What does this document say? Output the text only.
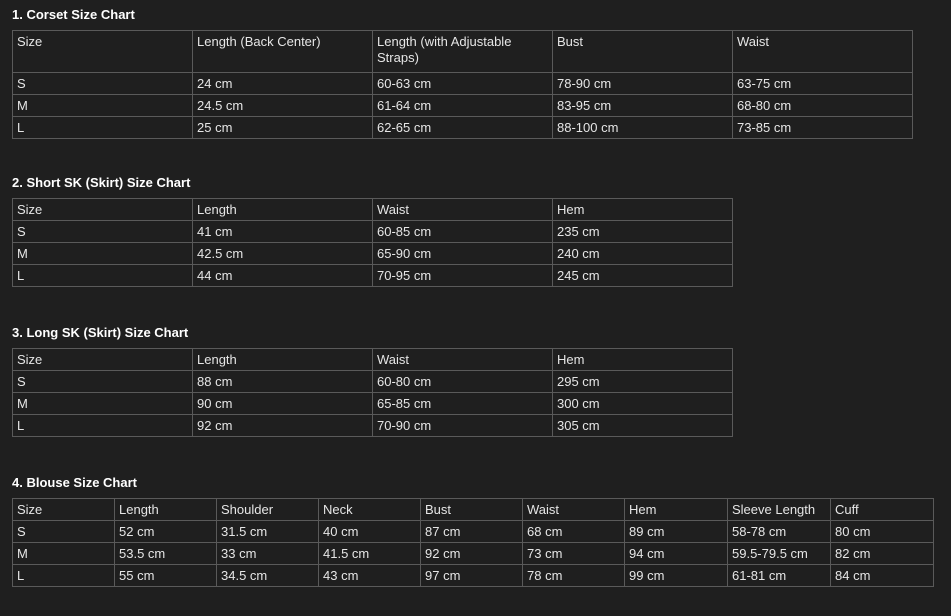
1. Corset Size Chart
Size	Length (Back Center)	Length (with Adjustable Straps)	Bust	Waist
S	24 cm	60-63 cm	78-90 cm	63-75 cm
M	24.5 cm	61-64 cm	83-95 cm	68-80 cm
L	25 cm	62-65 cm	88-100 cm	73-85 cm
2. Short SK (Skirt) Size Chart
Size	Length	Waist	Hem
S	41 cm	60-85 cm	235 cm
M	42.5 cm	65-90 cm	240 cm
L	44 cm	70-95 cm	245 cm
3. Long SK (Skirt) Size Chart
Size	Length	Waist	Hem
S	88 cm	60-80 cm	295 cm
M	90 cm	65-85 cm	300 cm
L	92 cm	70-90 cm	305 cm
4. Blouse Size Chart
Size	Length	Shoulder	Neck	Bust	Waist	Hem	Sleeve Length	Cuff
S	52 cm	31.5 cm	40 cm	87 cm	68 cm	89 cm	58-78 cm	80 cm
M	53.5 cm	33 cm	41.5 cm	92 cm	73 cm	94 cm	59.5-79.5 cm	82 cm
L	55 cm	34.5 cm	43 cm	97 cm	78 cm	99 cm	61-81 cm	84 cm
